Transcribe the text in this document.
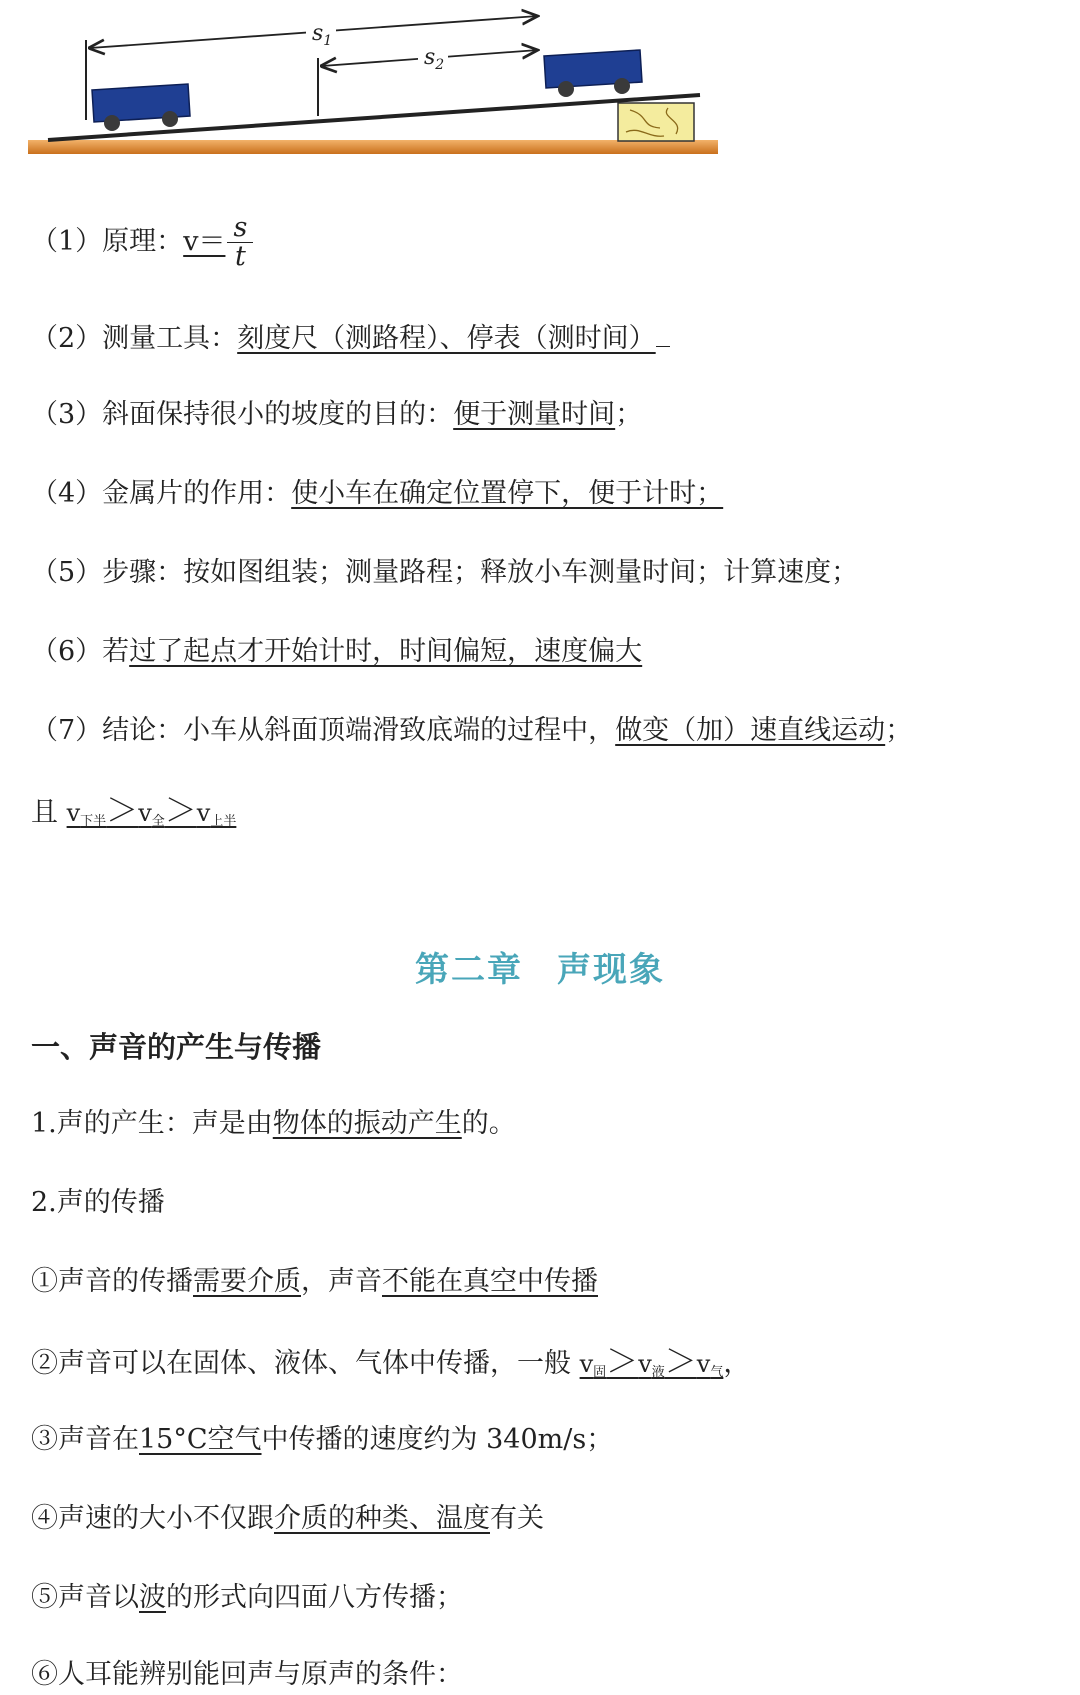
$s_1$
$s_2$
（1）原理：$v= \frac{s}{t}$
（2）测量工具：刻度尺（测路程）、停表（测时间）
（3）斜面保持很小的坡度的目的：便于测量时间；
（4）金属片的作用：使小车在确定位置停下，便于计时；
（5）步骤：按如图组装；测量路程；释放小车测量时间；计算速度；
（6）若过了起点才开始计时，时间偏短，速度偏大
（7）结论：小车从斜面顶端滑致底端的过程中，做变（加）速直线运动；
且 $v_{下半}>v_全>v_{上半}$
第二章 声现象
一、声音的产生与传播
1.声的产生：声是由物体的振动产生的。
2.声的传播
①声音的传播需要介质，声音不能在真空中传播
②声音可以在固体、液体、气体中传播，一般 $v_固>v_液>v_气$，
③声音在15°C空气中传播的速度约为 340m/s；
④声速的大小不仅跟介质的种类、温度有关
⑤声音以波的形式向四面八方传播；
⑥人耳能辨别能回声与原声的条件：
